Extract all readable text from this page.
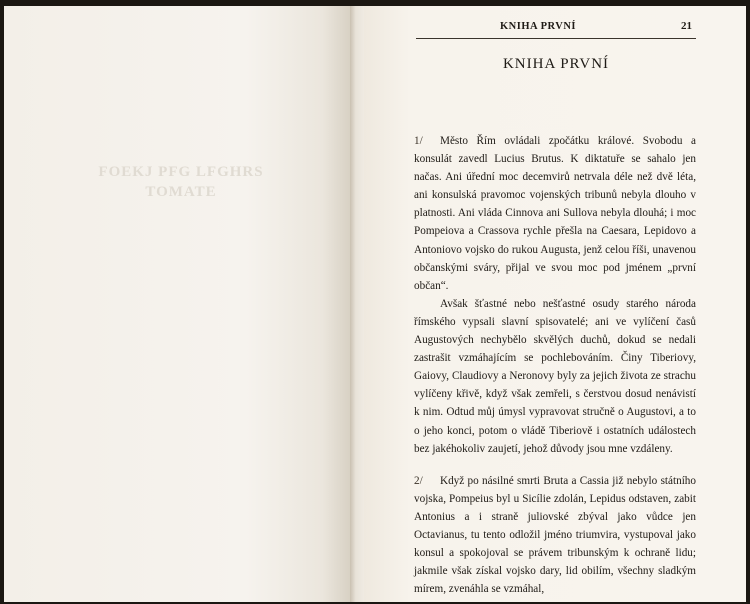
FOEKJ PFG LFGHRS
TOMATE
KNIHA PRVNÍ	21
KNIHA PRVNÍ

1/ Město Řím ovládali zpočátku králové. Svobodu a konsulát zavedl Lucius Brutus. K diktatuře se sahalo jen načas. Ani úřední moc decemvirů netrvala déle než dvě léta, ani konsulská pravomoc vojenských tribunů nebyla dlouho v platnosti. Ani vláda Cinnova ani Sullova nebyla dlouhá; i moc Pompeiova a Crassova rychle přešla na Caesara, Lepidovo a Antoniovo vojsko do rukou Augusta, jenž celou říši, unavenou občanskými sváry, přijal ve svou moc pod jménem „první občan“.

Avšak šťastné nebo nešťastné osudy starého národa římského vypsali slavní spisovatelé; ani ve vylíčení časů Augustových nechybělo skvělých duchů, dokud se nedali zastrašit vzmáhajícím se pochlebováním. Činy Tiberiovy, Gaiovy, Claudiovy a Neronovy byly za jejich života ze strachu vylíčeny křivě, když však zemřeli, s čerstvou dosud nenávistí k nim. Odtud můj úmysl vypravovat stručně o Augustovi, a to o jeho konci, potom o vládě Tiberiově i ostatních událostech bez jakéhokoliv zaujetí, jehož důvody jsou mne vzdáleny.

2/ Když po násilné smrti Bruta a Cassia již nebylo státního vojska, Pompeius byl u Sicílie zdolán, Lepidus odstaven, zabit Antonius a i straně juliovské zbýval jako vůdce jen Octavianus, tu tento odložil jméno triumvira, vystupoval jako konsul a spokojoval se právem tribunským k ochraně lidu; jakmile však získal vojsko dary, lid obilím, všechny sladkým mírem, zvenáhla se vzmáhal,
